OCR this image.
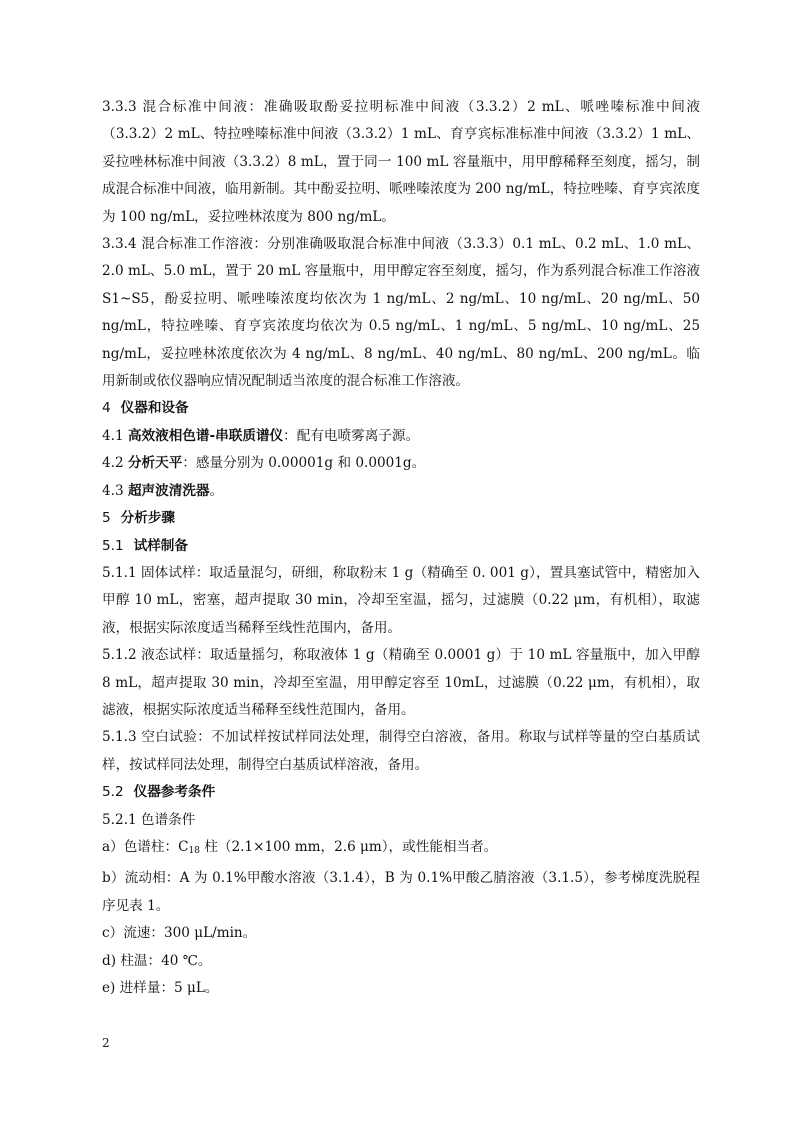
3.3.3 混合标准中间液：准确吸取酚妥拉明标准中间液（3.3.2）2 mL、哌唑嗪标准中间液（3.3.2）2 mL、特拉唑嗪标准中间液（3.3.2）1 mL、育亨宾标准标准中间液（3.3.2）1 mL、妥拉唑林标准中间液（3.3.2）8 mL，置于同一 100 mL 容量瓶中，用甲醇稀释至刻度，摇匀，制成混合标准中间液，临用新制。其中酚妥拉明、哌唑嗪浓度为 200 ng/mL，特拉唑嗪、育亨宾浓度为 100 ng/mL，妥拉唑林浓度为 800 ng/mL。

3.3.4 混合标准工作溶液：分别准确吸取混合标准中间液（3.3.3）0.1 mL、0.2 mL、1.0 mL、2.0 mL、5.0 mL，置于 20 mL 容量瓶中，用甲醇定容至刻度，摇匀，作为系列混合标准工作溶液 S1~S5，酚妥拉明、哌唑嗪浓度均依次为 1 ng/mL、2 ng/mL、10 ng/mL、20 ng/mL、50 ng/mL，特拉唑嗪、育亨宾浓度均依次为 0.5 ng/mL、1 ng/mL、5 ng/mL、10 ng/mL、25 ng/mL，妥拉唑林浓度依次为 4 ng/mL、8 ng/mL、40 ng/mL、80 ng/mL、200 ng/mL。临用新制或依仪器响应情况配制适当浓度的混合标准工作溶液。

4 仪器和设备

4.1 高效液相色谱-串联质谱仪：配有电喷雾离子源。

4.2 分析天平：感量分别为 0.00001g 和 0.0001g。

4.3 超声波清洗器。

5 分析步骤

5.1 试样制备

5.1.1 固体试样：取适量混匀，研细，称取粉末 1 g（精确至 0. 001 g），置具塞试管中，精密加入甲醇 10 mL，密塞，超声提取 30 min，冷却至室温，摇匀，过滤膜（0.22 μm，有机相），取滤液，根据实际浓度适当稀释至线性范围内，备用。

5.1.2 液态试样：取适量摇匀，称取液体 1 g（精确至 0.0001 g）于 10 mL 容量瓶中，加入甲醇 8 mL，超声提取 30 min，冷却至室温，用甲醇定容至 10mL，过滤膜（0.22 μm，有机相），取滤液，根据实际浓度适当稀释至线性范围内，备用。

5.1.3 空白试验：不加试样按试样同法处理，制得空白溶液，备用。称取与试样等量的空白基质试样，按试样同法处理，制得空白基质试样溶液，备用。

5.2 仪器参考条件

5.2.1 色谱条件

a）色谱柱：$C_{18}$ 柱（2.1×100 mm，2.6 μm），或性能相当者。

b）流动相：A 为 0.1%甲酸水溶液（3.1.4），B 为 0.1%甲酸乙腈溶液（3.1.5），参考梯度洗脱程序见表 1。

c）流速：300 μL/min。

d) 柱温：40 ℃。

e) 进样量：5 μL。

2
